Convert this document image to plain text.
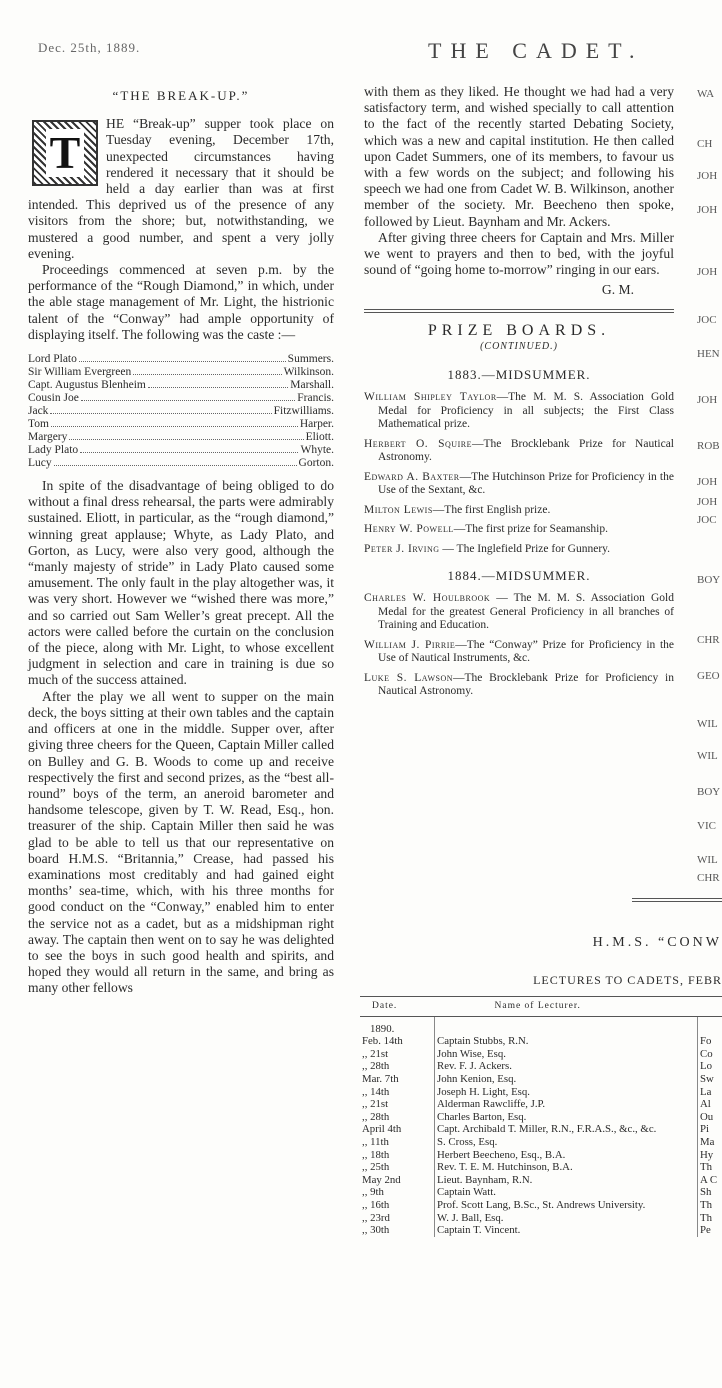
Dec. 25th, 1889.	THE CADET.
“THE BREAK-UP.”
T

HE “Break-up” supper took place on Tuesday evening, December 17th, unexpected circumstances having rendered it necessary that it should be held a day earlier than was at first intended. This deprived us of the presence of any visitors from the shore; but, notwithstanding, we mustered a good number, and spent a very jolly evening.

Proceedings commenced at seven p.m. by the performance of the “Rough Diamond,” in which, under the able stage management of Mr. Light, the histrionic talent of the “Conway” had ample opportunity of displaying itself. The following was the caste :—

Lord Plato	Summers.
Sir William Evergreen	Wilkinson.
Capt. Augustus Blenheim	Marshall.
Cousin Joe	Francis.
Jack	Fitzwilliams.
Tom	Harper.
Margery	Eliott.
Lady Plato	Whyte.
Lucy	Gorton.

In spite of the disadvantage of being obliged to do without a final dress rehearsal, the parts were admirably sustained. Eliott, in particular, as the “rough diamond,” winning great applause; Whyte, as Lady Plato, and Gorton, as Lucy, were also very good, although the “manly majesty of stride” in Lady Plato caused some amusement. The only fault in the play altogether was, it was very short. However we “wished there was more,” and so carried out Sam Weller’s great precept. All the actors were called before the curtain on the conclusion of the piece, along with Mr. Light, to whose excellent judgment in selection and care in training is due so much of the success attained.

After the play we all went to supper on the main deck, the boys sitting at their own tables and the captain and officers at one in the middle. Supper over, after giving three cheers for the Queen, Captain Miller called on Bulley and G. B. Woods to come up and receive respectively the first and second prizes, as the “best all-round” boys of the term, an aneroid barometer and handsome telescope, given by T. W. Read, Esq., hon. treasurer of the ship. Captain Miller then said he was glad to be able to tell us that our representative on board H.M.S. “Britannia,” Crease, had passed his examinations most creditably and had gained eight months’ sea-time, which, with his three months for good conduct on the “Conway,” enabled him to enter the service not as a cadet, but as a midshipman right away. The captain then went on to say he was delighted to see the boys in such good health and spirits, and hoped they would all return in the same, and bring as many other fellows

with them as they liked. He thought we had had a very satisfactory term, and wished specially to call attention to the fact of the recently started Debating Society, which was a new and capital institution. He then called upon Cadet Summers, one of its members, to favour us with a few words on the subject; and following his speech we had one from Cadet W. B. Wilkinson, another member of the society. Mr. Beecheno then spoke, followed by Lieut. Baynham and Mr. Ackers.

After giving three cheers for Captain and Mrs. Miller we went to prayers and then to bed, with the joyful sound of “going home to-morrow” ringing in our ears.

G. M.
PRIZE BOARDS.
(CONTINUED.)
1883.—MIDSUMMER.
William Shipley Taylor—The M. M. S. Association Gold Medal for Proficiency in all subjects; the First Class Mathematical prize.
Herbert O. Squire—The Brocklebank Prize for Nautical Astronomy.
Edward A. Baxter—The Hutchinson Prize for Proficiency in the Use of the Sextant, &c.
Milton Lewis—The first English prize.
Henry W. Powell—The first prize for Seamanship.
Peter J. Irving — The Inglefield Prize for Gunnery.
1884.—MIDSUMMER.
Charles W. Houlbrook — The M. M. S. Association Gold Medal for the greatest General Proficiency in all branches of Training and Education.
William J. Pirrie—The “Conway” Prize for Proficiency in the Use of Nautical Instruments, &c.
Luke S. Lawson—The Brocklebank Prize for Proficiency in Nautical Astronomy.
WA
CH
JOH
JOH
JOH
JOC
HEN
JOH
ROB
JOH
JOH
JOC
BOY
CHR
GEO
WIL
WIL
BOY
VIC
WIL
CHR
H.M.S. “CONW
LECTURES TO CADETS, FEBR
Date.	Name of Lecturer.	
1890.		
Feb. 14th	Captain Stubbs, R.N.	Fo
,, 21st	John Wise, Esq.	Co
,, 28th	Rev. F. J. Ackers.	Lo
Mar. 7th	John Kenion, Esq.	Sw
,, 14th	Joseph H. Light, Esq.	La
,, 21st	Alderman Rawcliffe, J.P.	Al
,, 28th	Charles Barton, Esq.	Ou
April 4th	Capt. Archibald T. Miller, R.N., F.R.A.S., &c., &c.	Pi
,, 11th	S. Cross, Esq.	Ma
,, 18th	Herbert Beecheno, Esq., B.A.	Hy
,, 25th	Rev. T. E. M. Hutchinson, B.A.	Th
May 2nd	Lieut. Baynham, R.N.	A C
,, 9th	Captain Watt.	Sh
,, 16th	Prof. Scott Lang, B.Sc., St. Andrews University.	Th
,, 23rd	W. J. Ball, Esq.	Th
,, 30th	Captain T. Vincent.	Pe
